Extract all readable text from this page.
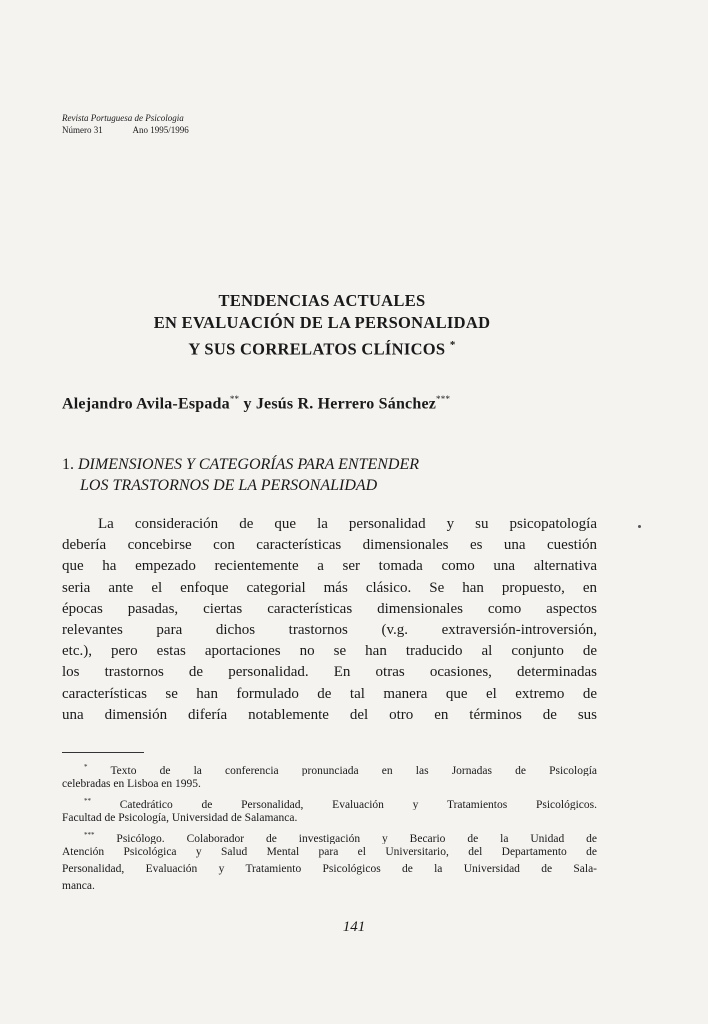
Revista Portuguesa de Psicologia
Número 31	Ano 1995/1996
TENDENCIAS ACTUALES
EN EVALUACIÓN DE LA PERSONALIDAD
Y SUS CORRELATOS CLÍNICOS *
Alejandro Avila-Espada** y Jesús R. Herrero Sánchez***
1. DIMENSIONES Y CATEGORÍAS PARA ENTENDER
LOS TRASTORNOS DE LA PERSONALIDAD
La consideración de que la personalidad y su psicopatología
debería concebirse con características dimensionales es una cuestión
que ha empezado recientemente a ser tomada como una alternativa
seria ante el enfoque categorial más clásico. Se han propuesto, en
épocas pasadas, ciertas características dimensionales como aspectos
relevantes para dichos trastornos (v.g. extraversión-introversión,
etc.), pero estas aportaciones no se han traducido al conjunto de
los trastornos de personalidad. En otras ocasiones, determinadas
características se han formulado de tal manera que el extremo de
una dimensión difería notablemente del otro en términos de sus
* Texto de la conferencia pronunciada en las Jornadas de Psicología
celebradas en Lisboa en 1995.
**	Catedrático de Personalidad, Evaluación y Tratamientos Psicológicos.
Facultad de Psicología, Universidad de Salamanca.
*** Psicólogo. Colaborador de investigación y Becario de la Unidad de
Atención Psicológica y Salud Mental para el Universitario, del Departamento de
Personalidad, Evaluación y Tratamiento Psicológicos de la Universidad de Sala-
manca.
141
